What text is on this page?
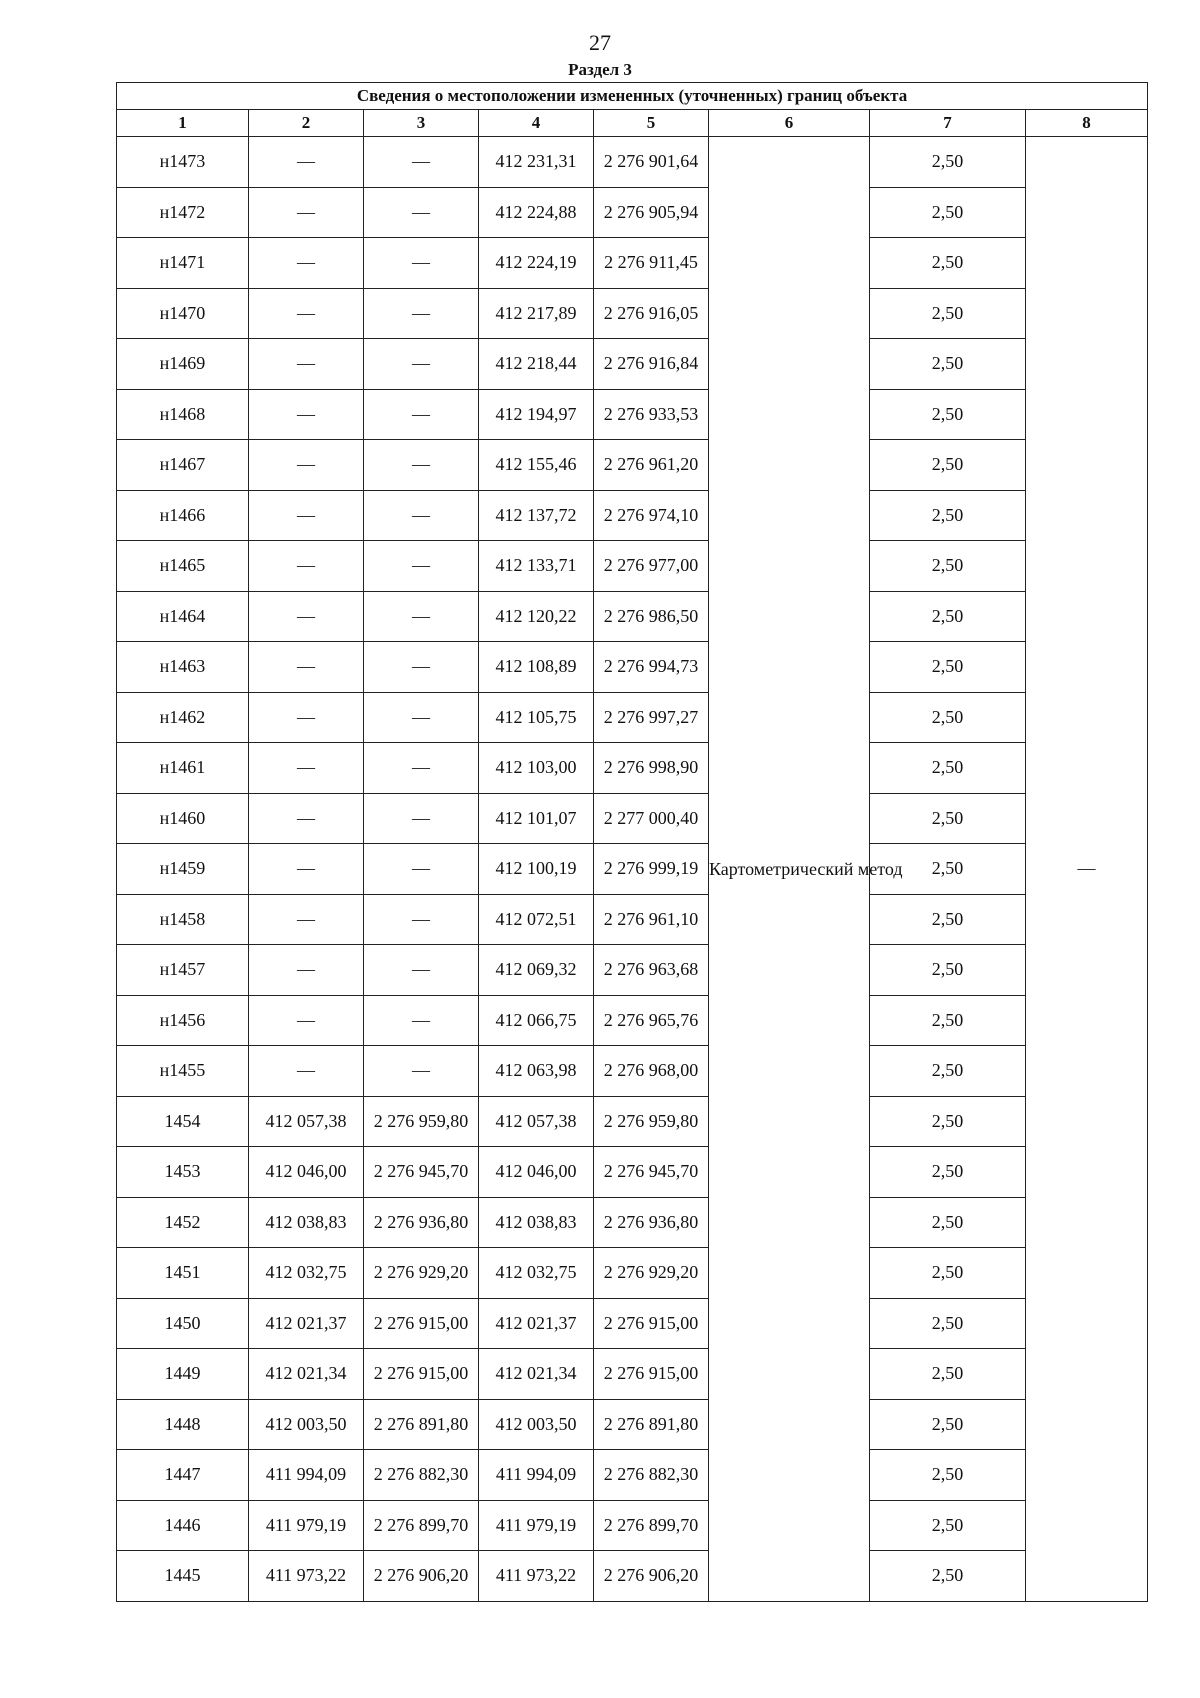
27
Раздел 3
Сведения о местоположении измененных (уточненных) границ объекта							
1	2	3	4	5	6	7	8
н1473	—	—	412 231,31	2 276 901,64	Картометрический метод	2,50	—
н1472	—	—	412 224,88	2 276 905,94		2,50	
н1471	—	—	412 224,19	2 276 911,45		2,50	
н1470	—	—	412 217,89	2 276 916,05		2,50	
н1469	—	—	412 218,44	2 276 916,84		2,50	
н1468	—	—	412 194,97	2 276 933,53		2,50	
н1467	—	—	412 155,46	2 276 961,20		2,50	
н1466	—	—	412 137,72	2 276 974,10		2,50	
н1465	—	—	412 133,71	2 276 977,00		2,50	
н1464	—	—	412 120,22	2 276 986,50		2,50	
н1463	—	—	412 108,89	2 276 994,73		2,50	
н1462	—	—	412 105,75	2 276 997,27		2,50	
н1461	—	—	412 103,00	2 276 998,90		2,50	
н1460	—	—	412 101,07	2 277 000,40		2,50	
н1459	—	—	412 100,19	2 276 999,19		2,50	
н1458	—	—	412 072,51	2 276 961,10		2,50	
н1457	—	—	412 069,32	2 276 963,68		2,50	
н1456	—	—	412 066,75	2 276 965,76		2,50	
н1455	—	—	412 063,98	2 276 968,00		2,50	
1454	412 057,38	2 276 959,80	412 057,38	2 276 959,80		2,50	
1453	412 046,00	2 276 945,70	412 046,00	2 276 945,70		2,50	
1452	412 038,83	2 276 936,80	412 038,83	2 276 936,80		2,50	
1451	412 032,75	2 276 929,20	412 032,75	2 276 929,20		2,50	
1450	412 021,37	2 276 915,00	412 021,37	2 276 915,00		2,50	
1449	412 021,34	2 276 915,00	412 021,34	2 276 915,00		2,50	
1448	412 003,50	2 276 891,80	412 003,50	2 276 891,80		2,50	
1447	411 994,09	2 276 882,30	411 994,09	2 276 882,30		2,50	
1446	411 979,19	2 276 899,70	411 979,19	2 276 899,70		2,50	
1445	411 973,22	2 276 906,20	411 973,22	2 276 906,20		2,50	
